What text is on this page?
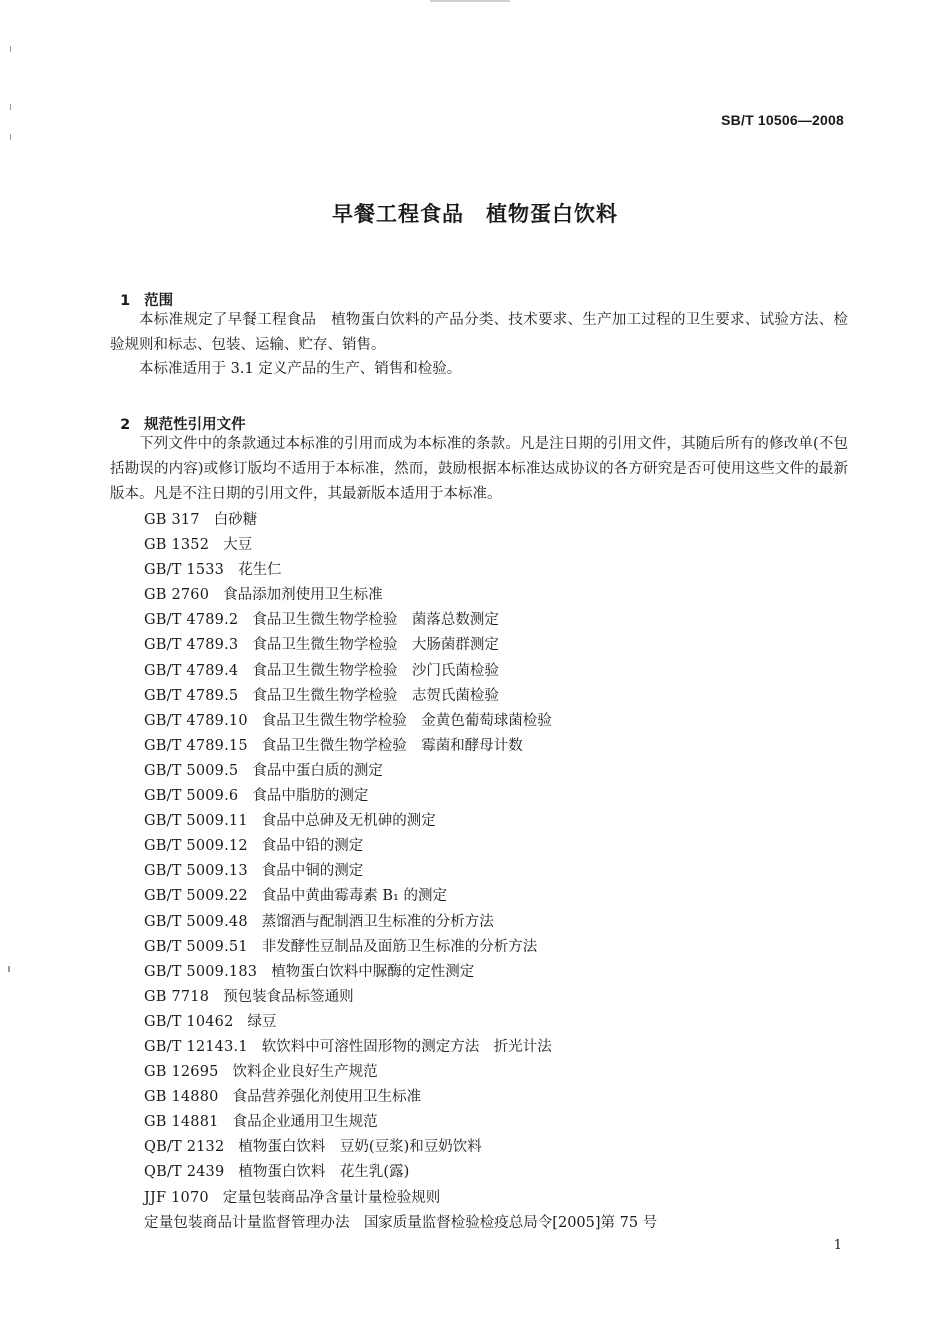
SB/T 10506—2008
早餐工程食品　植物蛋白饮料

1 范围

本标准规定了早餐工程食品　植物蛋白饮料的产品分类、技术要求、生产加工过程的卫生要求、试验方法、检验规则和标志、包装、运输、贮存、销售。
本标准适用于 3.1 定义产品的生产、销售和检验。

2 规范性引用文件

下列文件中的条款通过本标准的引用而成为本标准的条款。凡是注日期的引用文件，其随后所有的修改单(不包括勘误的内容)或修订版均不适用于本标准，然而，鼓励根据本标准达成协议的各方研究是否可使用这些文件的最新版本。凡是不注日期的引用文件，其最新版本适用于本标准。
GB 317 白砂糖
GB 1352 大豆
GB/T 1533 花生仁
GB 2760 食品添加剂使用卫生标准
GB/T 4789.2 食品卫生微生物学检验　菌落总数测定
GB/T 4789.3 食品卫生微生物学检验　大肠菌群测定
GB/T 4789.4 食品卫生微生物学检验　沙门氏菌检验
GB/T 4789.5 食品卫生微生物学检验　志贺氏菌检验
GB/T 4789.10 食品卫生微生物学检验　金黄色葡萄球菌检验
GB/T 4789.15 食品卫生微生物学检验　霉菌和酵母计数
GB/T 5009.5 食品中蛋白质的测定
GB/T 5009.6 食品中脂肪的测定
GB/T 5009.11 食品中总砷及无机砷的测定
GB/T 5009.12 食品中铅的测定
GB/T 5009.13 食品中铜的测定
GB/T 5009.22 食品中黄曲霉毒素 B₁ 的测定
GB/T 5009.48 蒸馏酒与配制酒卫生标准的分析方法
GB/T 5009.51 非发酵性豆制品及面筋卫生标准的分析方法
GB/T 5009.183 植物蛋白饮料中脲酶的定性测定
GB 7718 预包装食品标签通则
GB/T 10462 绿豆
GB/T 12143.1 软饮料中可溶性固形物的测定方法　折光计法
GB 12695 饮料企业良好生产规范
GB 14880 食品营养强化剂使用卫生标准
GB 14881 食品企业通用卫生规范
QB/T 2132 植物蛋白饮料　豆奶(豆浆)和豆奶饮料
QB/T 2439 植物蛋白饮料　花生乳(露)
JJF 1070 定量包装商品净含量计量检验规则
定量包装商品计量监督管理办法 国家质量监督检验检疫总局令[2005]第 75 号
1
